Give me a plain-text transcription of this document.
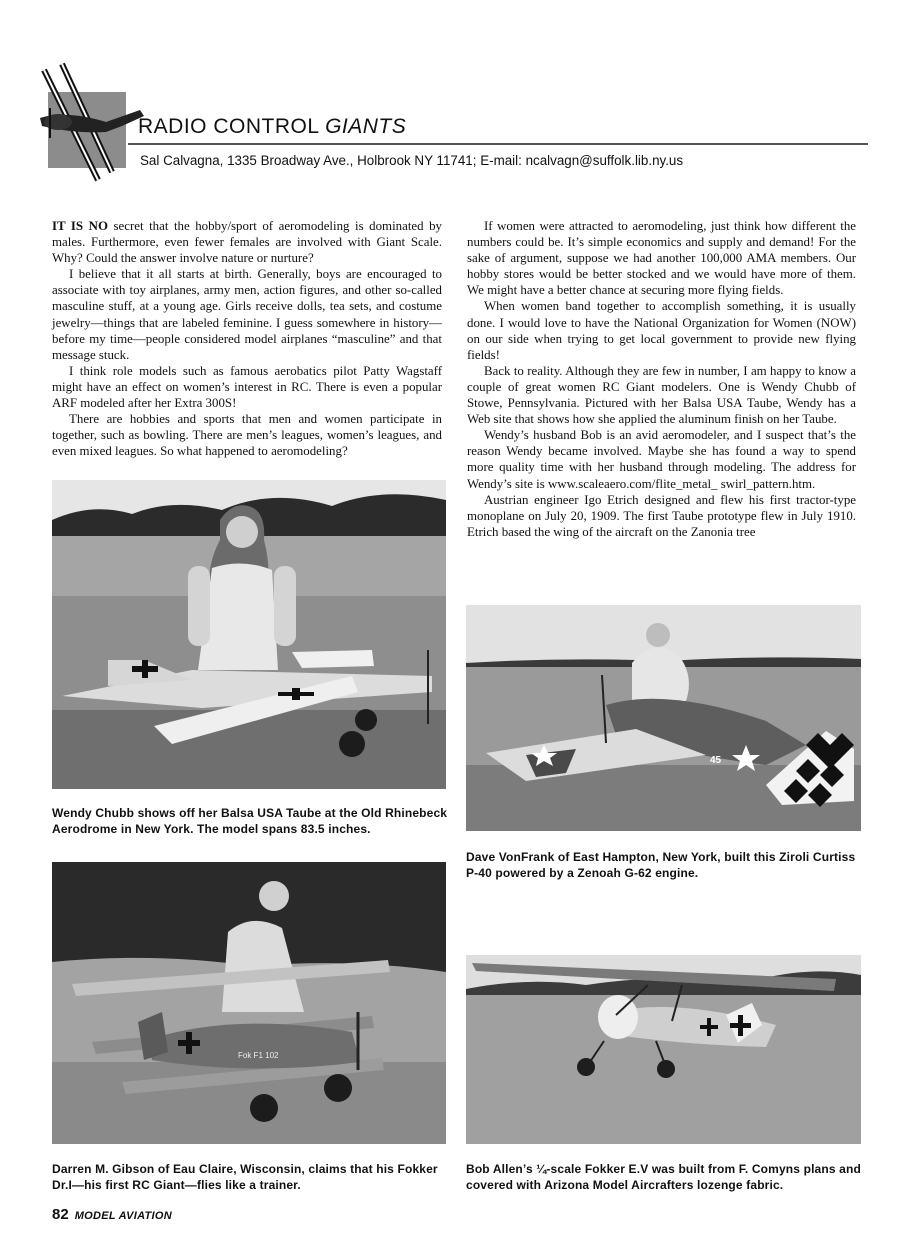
RADIO CONTROL GIANTS
Sal Calvagna, 1335 Broadway Ave., Holbrook NY 11741; E-mail: ncalvagn@suffolk.lib.ny.us

IT IS NO secret that the hobby/sport of aeromodeling is dominated by males. Furthermore, even fewer females are involved with Giant Scale. Why? Could the answer involve nature or nurture?

I believe that it all starts at birth. Generally, boys are encouraged to associate with toy airplanes, army men, action figures, and other so-called masculine stuff, at a young age. Girls receive dolls, tea sets, and costume jewelry—things that are labeled feminine. I guess somewhere in history—before my time—people considered model airplanes “masculine” and that message stuck.

I think role models such as famous aerobatics pilot Patty Wagstaff might have an effect on women’s interest in RC. There is even a popular ARF modeled after her Extra 300S!

There are hobbies and sports that men and women participate in together, such as bowling. There are men’s leagues, women’s leagues, and even mixed leagues. So what happened to aeromodeling?

If women were attracted to aeromodeling, just think how different the numbers could be. It’s simple economics and supply and demand! For the sake of argument, suppose we had another 100,000 AMA members. Our hobby stores would be better stocked and we would have more of them. We might have a better chance at securing more flying fields.

When women band together to accomplish something, it is usually done. I would love to have the National Organization for Women (NOW) on our side when trying to get local government to provide new flying fields!

Back to reality. Although they are few in number, I am happy to know a couple of great women RC Giant modelers. One is Wendy Chubb of Stowe, Pennsylvania. Pictured with her Balsa USA Taube, Wendy has a Web site that shows how she applied the aluminum finish on her Taube.

Wendy’s husband Bob is an avid aeromodeler, and I suspect that’s the reason Wendy became involved. Maybe she has found a way to spend more quality time with her husband through modeling. The address for Wendy’s site is www.scaleaero.com/flite_metal_ swirl_pattern.htm.

Austrian engineer Igo Etrich designed and flew his first tractor-type monoplane on July 20, 1909. The first Taube prototype flew in July 1910. Etrich based the wing of the aircraft on the Zanonia tree

Wendy Chubb shows off her Balsa USA Taube at the Old Rhinebeck Aerodrome in New York. The model spans 83.5 inches.
45
Dave VonFrank of East Hampton, New York, built this Ziroli Curtiss P-40 powered by a Zenoah G-62 engine.
Fok F1 102
Darren M. Gibson of Eau Claire, Wisconsin, claims that his Fokker Dr.I—his first RC Giant—flies like a trainer.
Bob Allen’s ¼-scale Fokker E.V was built from F. Comyns plans and covered with Arizona Model Aircrafters lozenge fabric.
82 MODEL AVIATION
